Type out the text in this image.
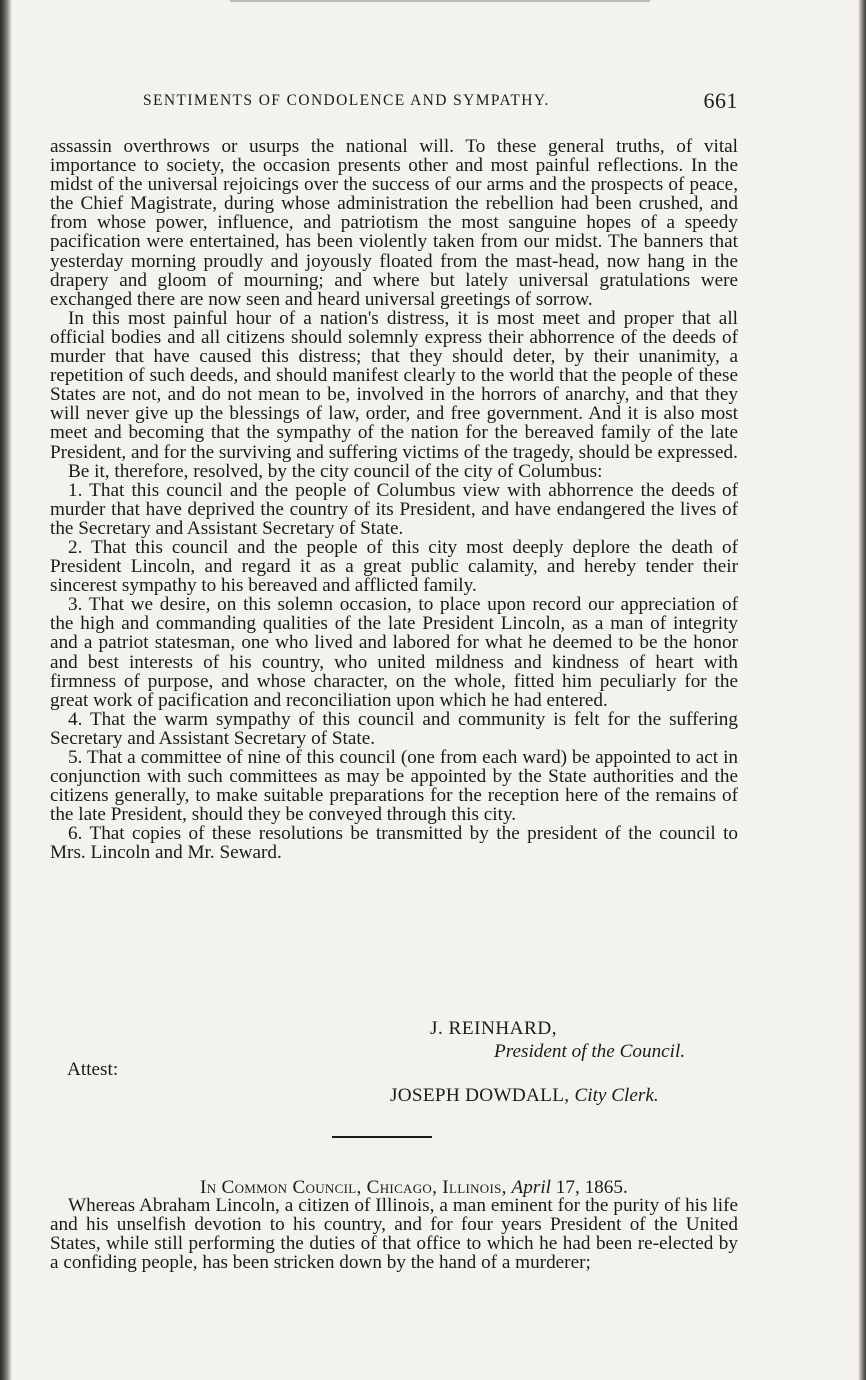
SENTIMENTS OF CONDOLENCE AND SYMPATHY.	661

assassin overthrows or usurps the national will. To these general truths, of vital importance to society, the occasion presents other and most painful reflections. In the midst of the universal rejoicings over the success of our arms and the prospects of peace, the Chief Magistrate, during whose administration the rebellion had been crushed, and from whose power, influence, and patriotism the most sanguine hopes of a speedy pacification were entertained, has been violently taken from our midst. The banners that yesterday morning proudly and joyously floated from the mast-head, now hang in the drapery and gloom of mourning; and where but lately universal gratulations were exchanged there are now seen and heard universal greetings of sorrow.

In this most painful hour of a nation's distress, it is most meet and proper that all official bodies and all citizens should solemnly express their abhorrence of the deeds of murder that have caused this distress; that they should deter, by their unanimity, a repetition of such deeds, and should manifest clearly to the world that the people of these States are not, and do not mean to be, involved in the horrors of anarchy, and that they will never give up the blessings of law, order, and free government. And it is also most meet and becoming that the sympathy of the nation for the bereaved family of the late President, and for the surviving and suffering victims of the tragedy, should be expressed.

Be it, therefore, resolved, by the city council of the city of Columbus:

1. That this council and the people of Columbus view with abhorrence the deeds of murder that have deprived the country of its President, and have endangered the lives of the Secretary and Assistant Secretary of State.

2. That this council and the people of this city most deeply deplore the death of President Lincoln, and regard it as a great public calamity, and hereby tender their sincerest sympathy to his bereaved and afflicted family.

3. That we desire, on this solemn occasion, to place upon record our appreciation of the high and commanding qualities of the late President Lincoln, as a man of integrity and a patriot statesman, one who lived and labored for what he deemed to be the honor and best interests of his country, who united mildness and kindness of heart with firmness of purpose, and whose character, on the whole, fitted him peculiarly for the great work of pacification and reconciliation upon which he had entered.

4. That the warm sympathy of this council and community is felt for the suffering Secretary and Assistant Secretary of State.

5. That a committee of nine of this council (one from each ward) be appointed to act in conjunction with such committees as may be appointed by the State authorities and the citizens generally, to make suitable preparations for the reception here of the remains of the late President, should they be conveyed through this city.

6. That copies of these resolutions be transmitted by the president of the council to Mrs. Lincoln and Mr. Seward.

J. REINHARD,
President of the Council.
Attest:
JOSEPH DOWDALL, City Clerk.
In Common Council, Chicago, Illinois, April 17, 1865.

Whereas Abraham Lincoln, a citizen of Illinois, a man eminent for the purity of his life and his unselfish devotion to his country, and for four years President of the United States, while still performing the duties of that office to which he had been re-elected by a confiding people, has been stricken down by the hand of a murderer;
